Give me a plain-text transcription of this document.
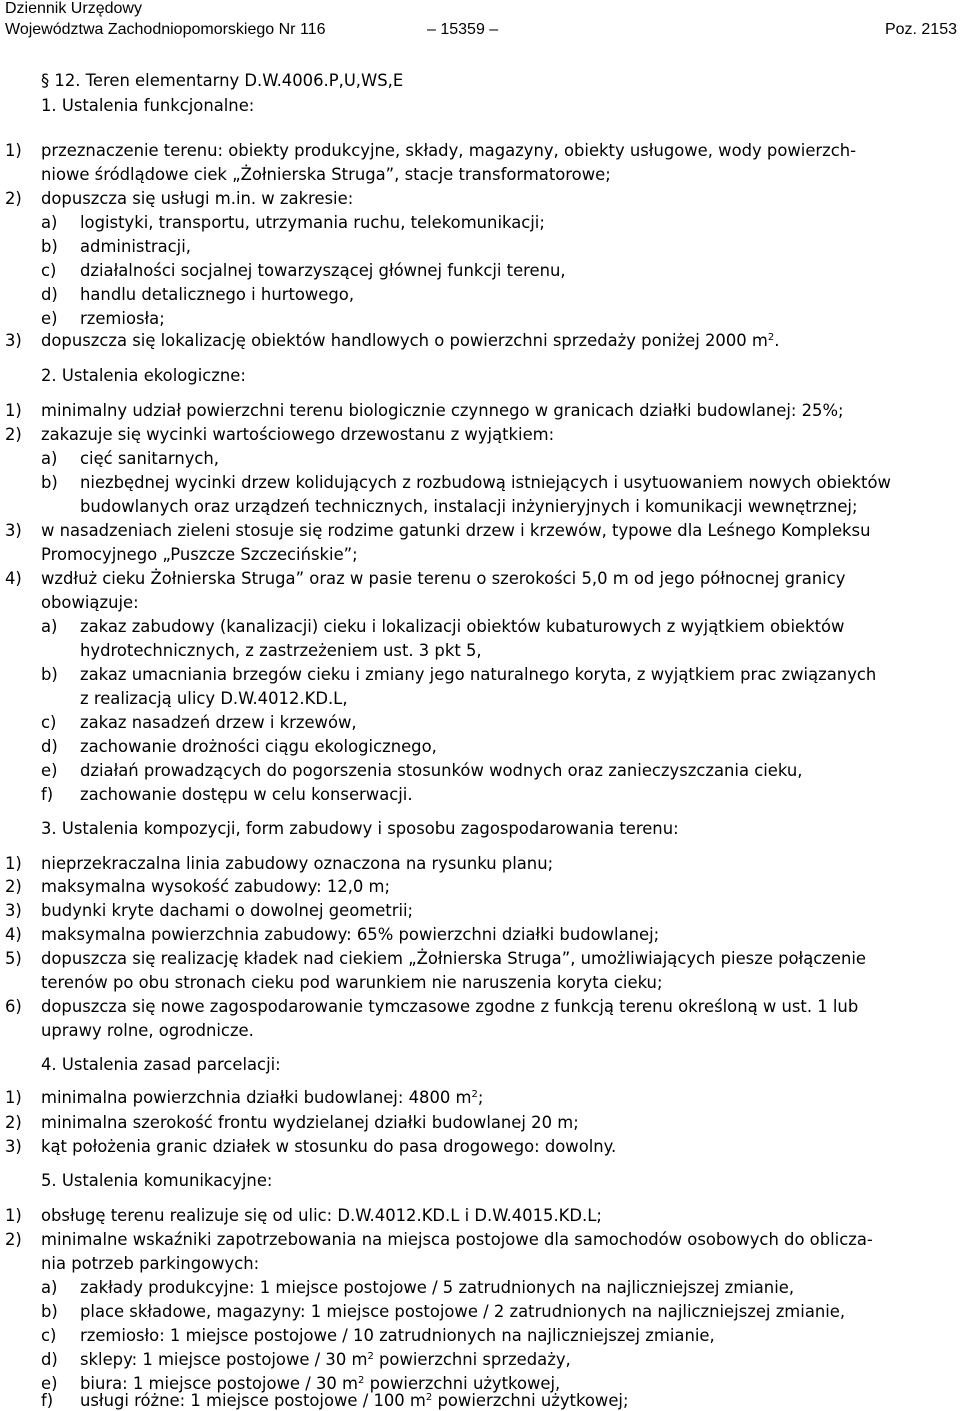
Dziennik Urzędowy
Województwa Zachodniopomorskiego Nr 116	– 15359 –	Poz. 2153
§ 12. Teren elementarny D.W.4006.P,U,WS,E
1. Ustalenia funkcjonalne:
1) przeznaczenie terenu: obiekty produkcyjne, składy, magazyny, obiekty usługowe, wody powierzch-
niowe śródlądowe ciek „Żołnierska Struga”, stacje transformatorowe;
2) dopuszcza się usługi m.in. w zakresie:
a) logistyki, transportu, utrzymania ruchu, telekomunikacji;
b) administracji,
c) działalności socjalnej towarzyszącej głównej funkcji terenu,
d) handlu detalicznego i hurtowego,
e) rzemiosła;
3) dopuszcza się lokalizację obiektów handlowych o powierzchni sprzedaży poniżej 2000 $m^2$.
2. Ustalenia ekologiczne:
1) minimalny udział powierzchni terenu biologicznie czynnego w granicach działki budowlanej: 25%;
2) zakazuje się wycinki wartościowego drzewostanu z wyjątkiem:
a) cięć sanitarnych,
b) niezbędnej wycinki drzew kolidujących z rozbudową istniejących i usytuowaniem nowych obiektów
budowlanych oraz urządzeń technicznych, instalacji inżynieryjnych i komunikacji wewnętrznej;
3) w nasadzeniach zieleni stosuje się rodzime gatunki drzew i krzewów, typowe dla Leśnego Kompleksu
Promocyjnego „Puszcze Szczecińskie”;
4) wzdłuż cieku Żołnierska Struga” oraz w pasie terenu o szerokości 5,0 m od jego północnej granicy
obowiązuje:
a) zakaz zabudowy (kanalizacji) cieku i lokalizacji obiektów kubaturowych z wyjątkiem obiektów
hydrotechnicznych, z zastrzeżeniem ust. 3 pkt 5,
b) zakaz umacniania brzegów cieku i zmiany jego naturalnego koryta, z wyjątkiem prac związanych
z realizacją ulicy D.W.4012.KD.L,
c) zakaz nasadzeń drzew i krzewów,
d) zachowanie drożności ciągu ekologicznego,
e) działań prowadzących do pogorszenia stosunków wodnych oraz zanieczyszczania cieku,
f) zachowanie dostępu w celu konserwacji.
3. Ustalenia kompozycji, form zabudowy i sposobu zagospodarowania terenu:
1) nieprzekraczalna linia zabudowy oznaczona na rysunku planu;
2) maksymalna wysokość zabudowy: 12,0 m;
3) budynki kryte dachami o dowolnej geometrii;
4) maksymalna powierzchnia zabudowy: 65% powierzchni działki budowlanej;
5) dopuszcza się realizację kładek nad ciekiem „Żołnierska Struga”, umożliwiających piesze połączenie
terenów po obu stronach cieku pod warunkiem nie naruszenia koryta cieku;
6) dopuszcza się nowe zagospodarowanie tymczasowe zgodne z funkcją terenu określoną w ust. 1 lub
uprawy rolne, ogrodnicze.
4. Ustalenia zasad parcelacji:
1) minimalna powierzchnia działki budowlanej: 4800 $m^2$;
2) minimalna szerokość frontu wydzielanej działki budowlanej 20 m;
3) kąt położenia granic działek w stosunku do pasa drogowego: dowolny.
5. Ustalenia komunikacyjne:
1) obsługę terenu realizuje się od ulic: D.W.4012.KD.L i D.W.4015.KD.L;
2) minimalne wskaźniki zapotrzebowania na miejsca postojowe dla samochodów osobowych do oblicza-
nia potrzeb parkingowych:
a) zakłady produkcyjne: 1 miejsce postojowe / 5 zatrudnionych na najliczniejszej zmianie,
b) place składowe, magazyny: 1 miejsce postojowe / 2 zatrudnionych na najliczniejszej zmianie,
c) rzemiosło: 1 miejsce postojowe / 10 zatrudnionych na najliczniejszej zmianie,
d) sklepy: 1 miejsce postojowe / 30 $m^2$ powierzchni sprzedaży,
e) biura: 1 miejsce postojowe / 30 $m^2$ powierzchni użytkowej,
f) usługi różne: 1 miejsce postojowe / 100 $m^2$ powierzchni użytkowej;
